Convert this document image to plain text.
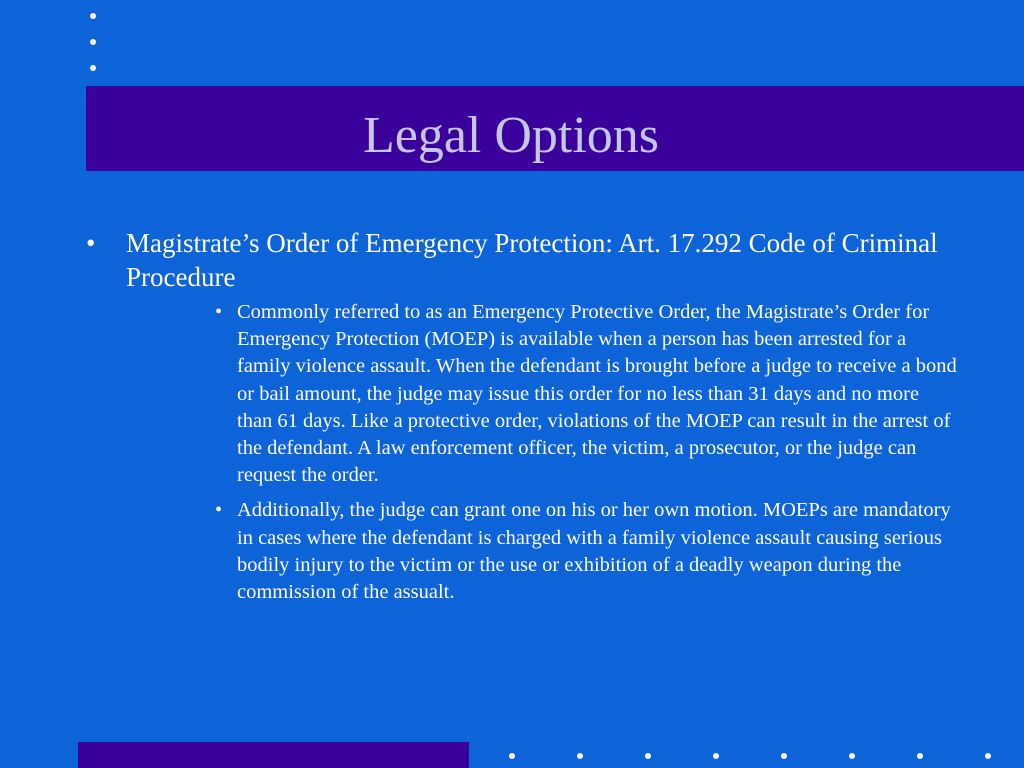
Legal Options
• Magistrate’s Order of Emergency Protection: Art. 17.292 Code of Criminal Procedure
• Commonly referred to as an Emergency Protective Order, the Magistrate’s Order for Emergency Protection (MOEP) is available when a person has been arrested for a family violence assault. When the defendant is brought before a judge to receive a bond or bail amount, the judge may issue this order for no less than 31 days and no more than 61 days. Like a protective order, violations of the MOEP can result in the arrest of the defendant. A law enforcement officer, the victim, a prosecutor, or the judge can request the order.
• Additionally, the judge can grant one on his or her own motion. MOEPs are mandatory in cases where the defendant is charged with a family violence assault causing serious bodily injury to the victim or the use or exhibition of a deadly weapon during the commission of the assualt.
